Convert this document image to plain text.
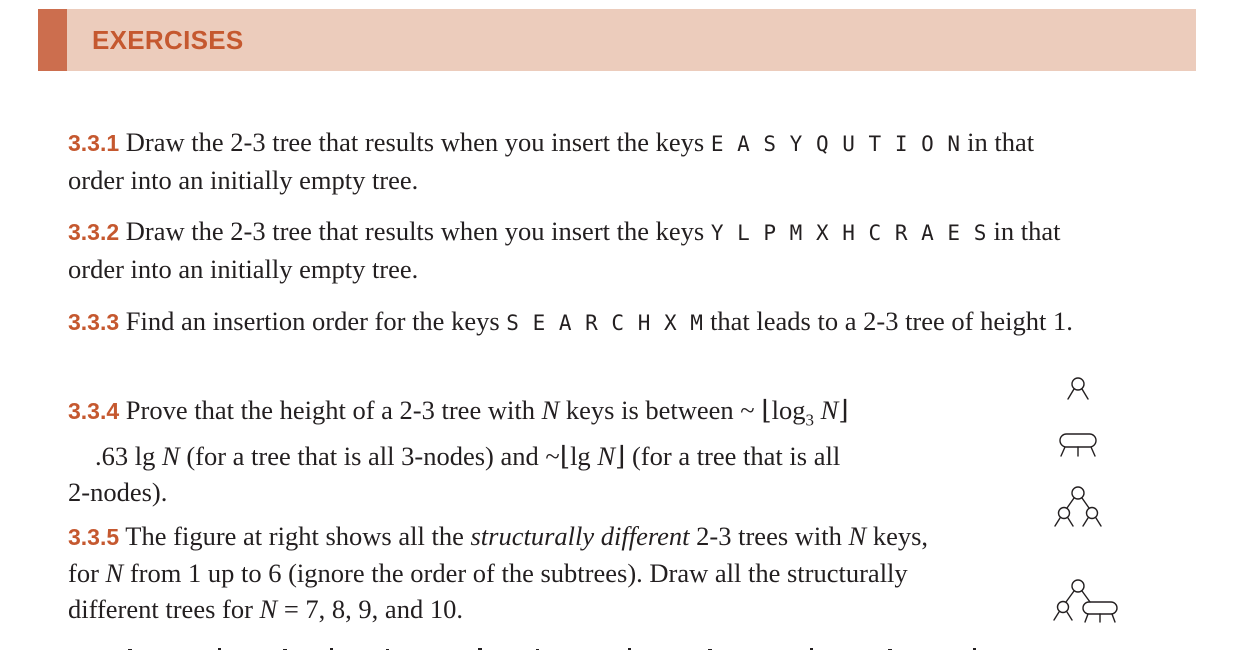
EXERCISES
3.3.1 Draw the 2-3 tree that results when you insert the keys E A S Y Q U T I O N in that order into an initially empty tree.
3.3.2 Draw the 2-3 tree that results when you insert the keys Y L P M X H C R A E S in that order into an initially empty tree.
3.3.3 Find an insertion order for the keys S E A R C H X M that leads to a 2-3 tree of height 1.
3.3.4 Prove that the height of a 2-3 tree with N keys is between ~ $⌊\log_3$ N⌋
.63 lg N (for a tree that is all 3-nodes) and ~⌊lg N⌋ (for a tree that is all
2-nodes).
3.3.5 The figure at right shows all the structurally different 2-3 trees with N keys, for N from 1 up to 6 (ignore the order of the subtrees). Draw all the structurally different trees for N = 7, 8, 9, and 10.
